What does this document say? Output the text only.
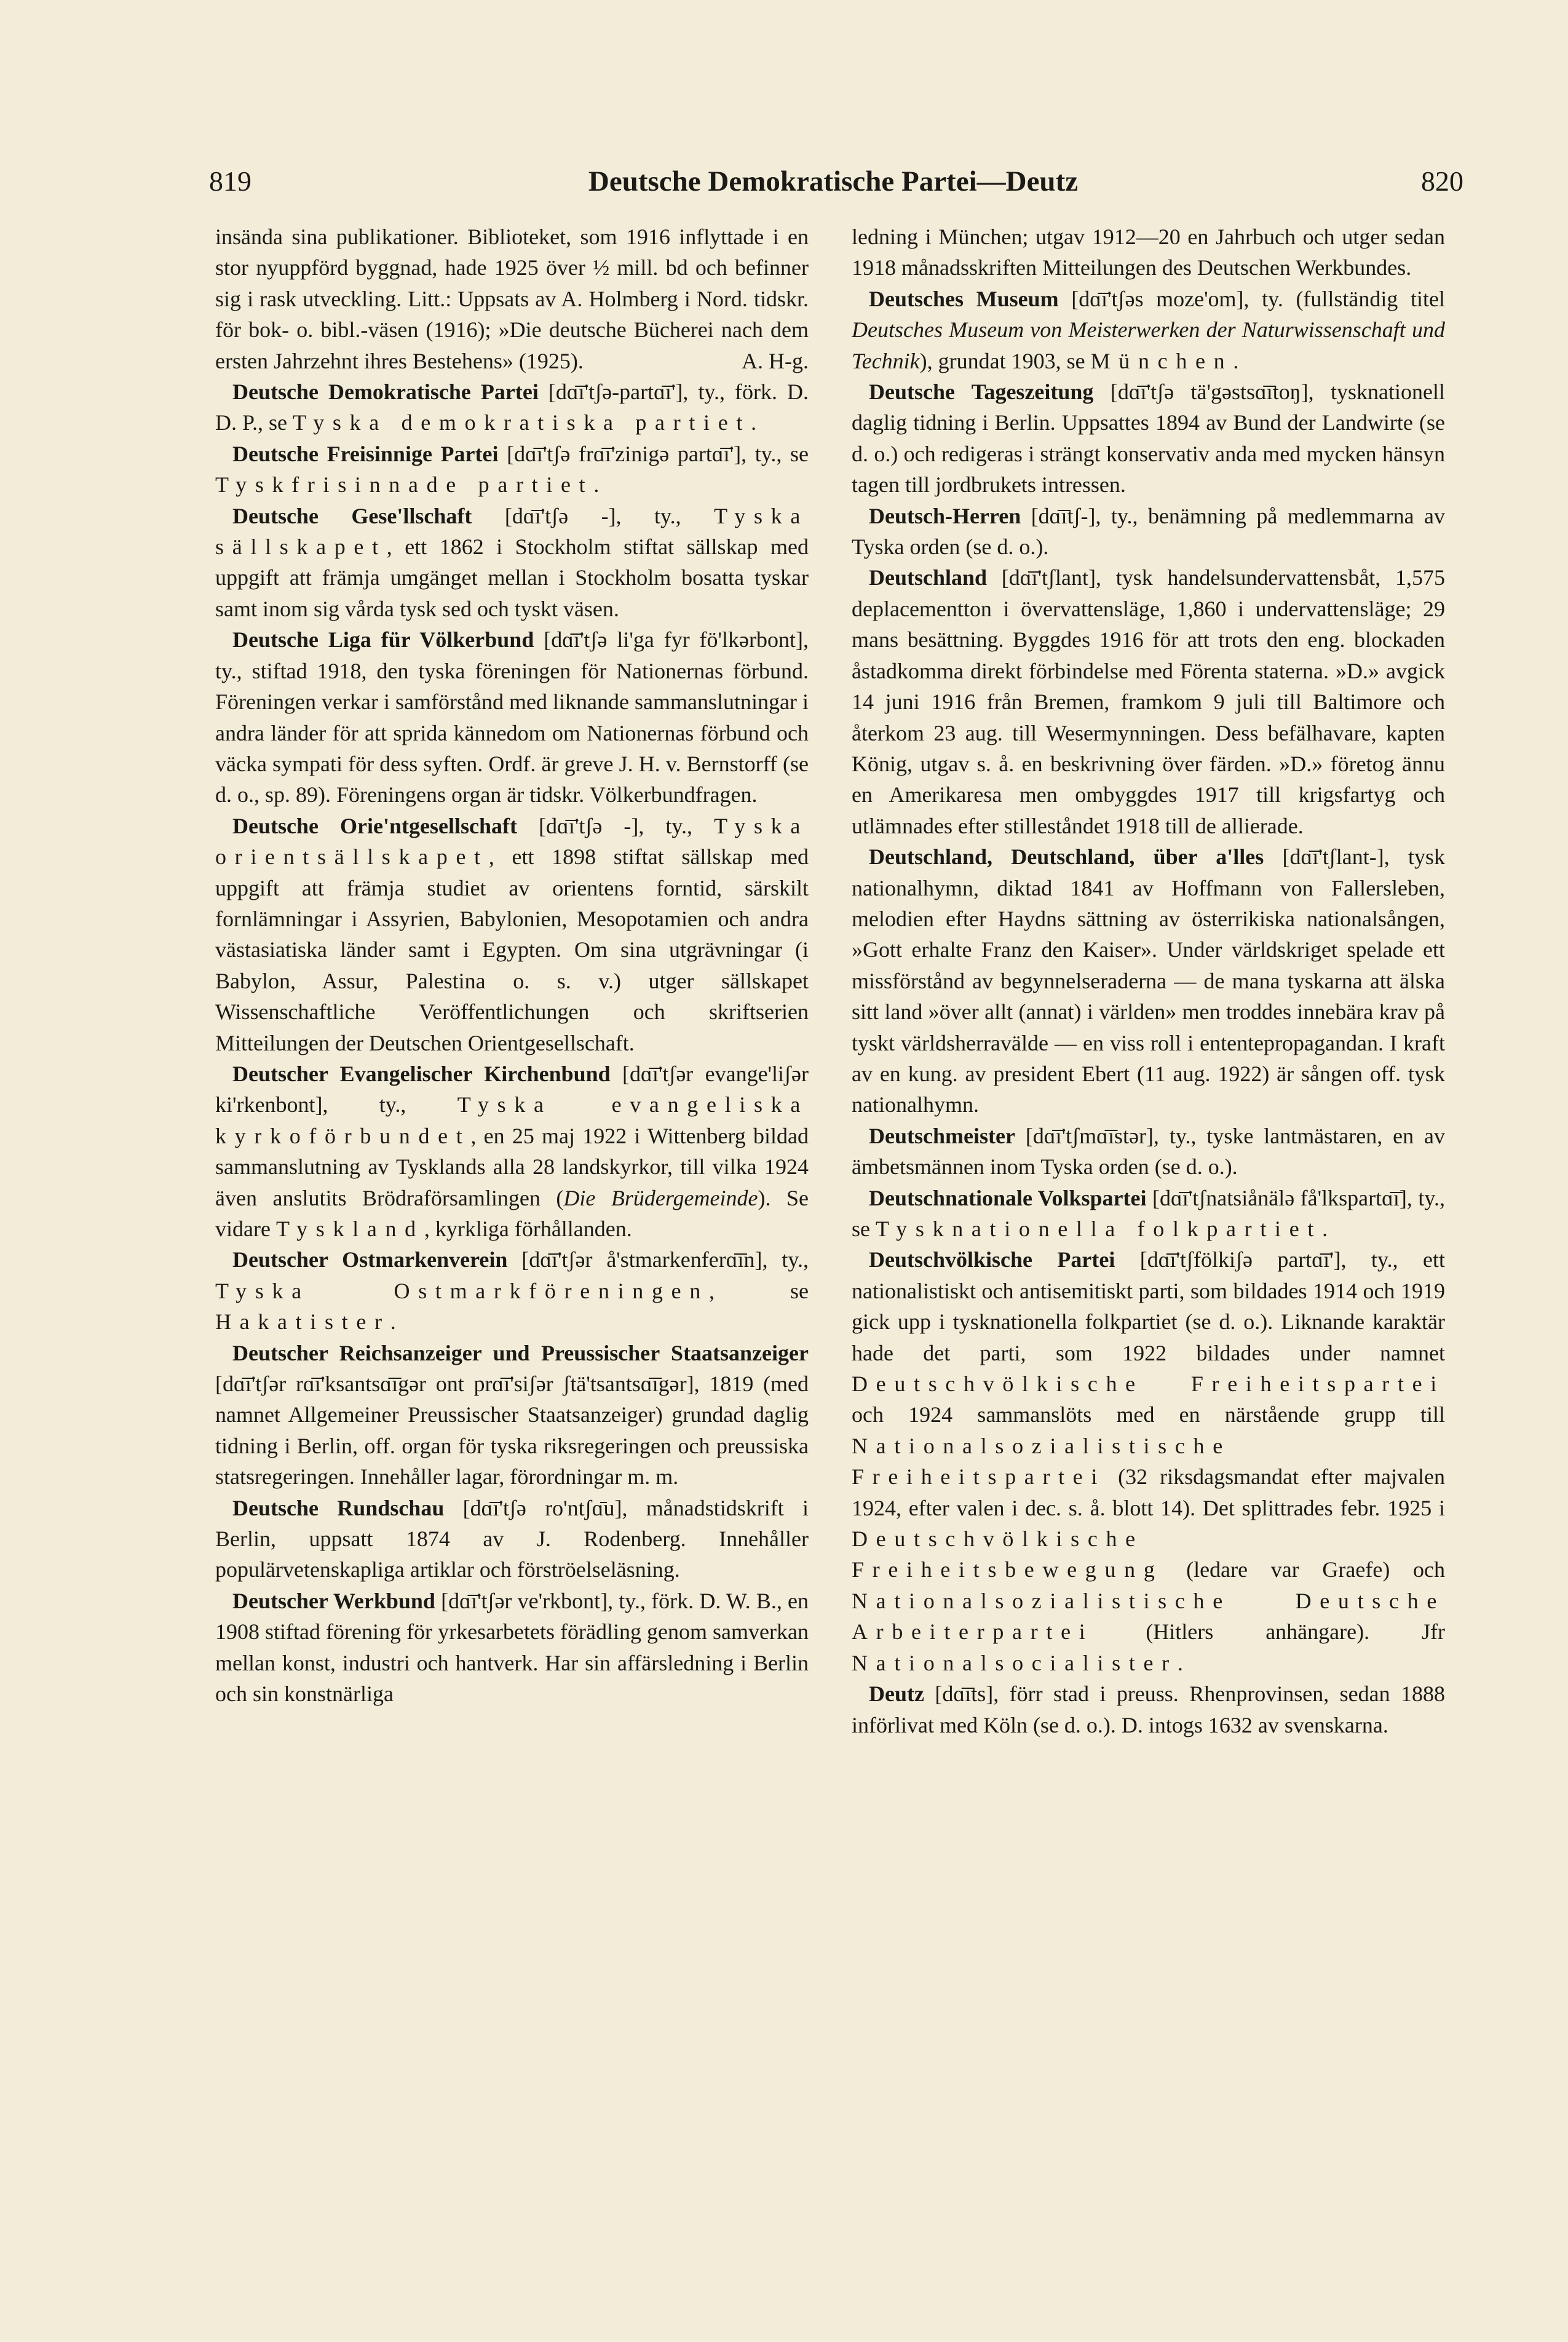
819	Deutsche Demokratische Partei—Deutz	820

insända sina publikationer. Biblioteket, som 1916 inflyttade i en stor nyuppförd byggnad, hade 1925 över ½ mill. bd och befinner sig i rask utveckling. Litt.: Uppsats av A. Holmberg i Nord. tidskr. för bok- o. bibl.-väsen (1916); »Die deutsche Bücherei nach dem ersten Jahrzehnt ihres Bestehens» (1925).	A. H-g.

Deutsche Demokratische Partei [dɑ̄ı̄'tʃə-partɑ̄ı̄'], ty., förk. D. D. P., se Tyska demokratiska partiet.

Deutsche Freisinnige Partei [dɑ̄ı̄'tʃə frɑ̄ı̄'zinigə partɑ̄ı̄'], ty., se Tyskfrisinnade partiet.

Deutsche Gese'llschaft [dɑ̄ı̄'tʃə -], ty., Tyska sällskapet, ett 1862 i Stockholm stiftat sällskap med uppgift att främja umgänget mellan i Stockholm bosatta tyskar samt inom sig vårda tysk sed och tyskt väsen.

Deutsche Liga für Völkerbund [dɑ̄ı̄'tʃə li'ga fyr fö'lkərbont], ty., stiftad 1918, den tyska föreningen för Nationernas förbund. Föreningen verkar i samförstånd med liknande sammanslutningar i andra länder för att sprida kännedom om Nationernas förbund och väcka sympati för dess syften. Ordf. är greve J. H. v. Bernstorff (se d. o., sp. 89). Föreningens organ är tidskr. Völkerbundfragen.

Deutsche Orie'ntgesellschaft [dɑ̄ı̄'tʃə -], ty., Tyska orientsällskapet, ett 1898 stiftat sällskap med uppgift att främja studiet av orientens forntid, särskilt fornlämningar i Assyrien, Babylonien, Mesopotamien och andra västasiatiska länder samt i Egypten. Om sina utgrävningar (i Babylon, Assur, Palestina o. s. v.) utger sällskapet Wissenschaftliche Veröffentlichungen och skriftserien Mitteilungen der Deutschen Orientgesellschaft.

Deutscher Evangelischer Kirchenbund [dɑ̄ı̄'tʃər evange'liʃər ki'rkenbont], ty., Tyska evangeliska kyrkoförbundet, en 25 maj 1922 i Wittenberg bildad sammanslutning av Tysklands alla 28 landskyrkor, till vilka 1924 även anslutits Brödraförsamlingen (Die Brüdergemeinde). Se vidare Tyskland, kyrkliga förhållanden.

Deutscher Ostmarkenverein [dɑ̄ı̄'tʃər å'stmarkenferɑ̄ı̄n], ty., Tyska Ostmarkföreningen, se Hakatister.

Deutscher Reichsanzeiger und Preussischer Staatsanzeiger [dɑ̄ı̄'tʃər rɑ̄ı̄'ksantsɑ̄ı̄gər ont prɑ̄ı̄'siʃər ʃtä'tsantsɑ̄ı̄gər], 1819 (med namnet Allgemeiner Preussischer Staatsanzeiger) grundad daglig tidning i Berlin, off. organ för tyska riksregeringen och preussiska statsregeringen. Innehåller lagar, förordningar m. m.

Deutsche Rundschau [dɑ̄ı̄'tʃə ro'ntʃɑ̄u], månadstidskrift i Berlin, uppsatt 1874 av J. Rodenberg. Innehåller populärvetenskapliga artiklar och förströelseläsning.

Deutscher Werkbund [dɑ̄ı̄'tʃər ve'rkbont], ty., förk. D. W. B., en 1908 stiftad förening för yrkesarbetets förädling genom samverkan mellan konst, industri och hantverk. Har sin affärsledning i Berlin och sin konstnärliga

ledning i München; utgav 1912—20 en Jahrbuch och utger sedan 1918 månadsskriften Mitteilungen des Deutschen Werkbundes.

Deutsches Museum [dɑ̄ı̄'tʃəs moze'om], ty. (fullständig titel Deutsches Museum von Meisterwerken der Naturwissenschaft und Technik), grundat 1903, se München.

Deutsche Tageszeitung [dɑ̄ı̄'tʃə tä'gəstsɑ̄ı̄toŋ], tysknationell daglig tidning i Berlin. Uppsattes 1894 av Bund der Landwirte (se d. o.) och redigeras i strängt konservativ anda med mycken hänsyn tagen till jordbrukets intressen.

Deutsch-Herren [dɑ̄ı̄tʃ-], ty., benämning på medlemmarna av Tyska orden (se d. o.).

Deutschland [dɑ̄ı̄'tʃlant], tysk handelsundervattensbåt, 1,575 deplacementton i övervattensläge, 1,860 i undervattensläge; 29 mans besättning. Byggdes 1916 för att trots den eng. blockaden åstadkomma direkt förbindelse med Förenta staterna. »D.» avgick 14 juni 1916 från Bremen, framkom 9 juli till Baltimore och återkom 23 aug. till Wesermynningen. Dess befälhavare, kapten König, utgav s. å. en beskrivning över färden. »D.» företog ännu en Amerikaresa men ombyggdes 1917 till krigsfartyg och utlämnades efter stilleståndet 1918 till de allierade.

Deutschland, Deutschland, über a'lles [dɑ̄ı̄'tʃlant-], tysk nationalhymn, diktad 1841 av Hoffmann von Fallersleben, melodien efter Haydns sättning av österrikiska nationalsången, »Gott erhalte Franz den Kaiser». Under världskriget spelade ett missförstånd av begynnelseraderna — de mana tyskarna att älska sitt land »över allt (annat) i världen» men troddes innebära krav på tyskt världsherravälde — en viss roll i ententepropagandan. I kraft av en kung. av president Ebert (11 aug. 1922) är sången off. tysk nationalhymn.

Deutschmeister [dɑ̄ı̄'tʃmɑ̄ı̄stər], ty., tyske lantmästaren, en av ämbetsmännen inom Tyska orden (se d. o.).

Deutschnationale Volkspartei [dɑ̄ı̄'tʃnatsiånälə få'lkspartɑ̄ı̄], ty., se Tysknationella folkpartiet.

Deutschvölkische Partei [dɑ̄ı̄'tʃfölkiʃə partɑ̄ı̄'], ty., ett nationalistiskt och antisemitiskt parti, som bildades 1914 och 1919 gick upp i tysknationella folkpartiet (se d. o.). Liknande karaktär hade det parti, som 1922 bildades under namnet Deutschvölkische Freiheitspartei och 1924 sammanslöts med en närstående grupp till Nationalsozialistische Freiheitspartei (32 riksdagsmandat efter majvalen 1924, efter valen i dec. s. å. blott 14). Det splittrades febr. 1925 i Deutschvölkische Freiheitsbewegung (ledare var Graefe) och Nationalsozialistische Deutsche Arbeiterpartei (Hitlers anhängare). Jfr Nationalsocialister.

Deutz [dɑ̄ı̄ts], förr stad i preuss. Rhenprovinsen, sedan 1888 införlivat med Köln (se d. o.). D. intogs 1632 av svenskarna.
